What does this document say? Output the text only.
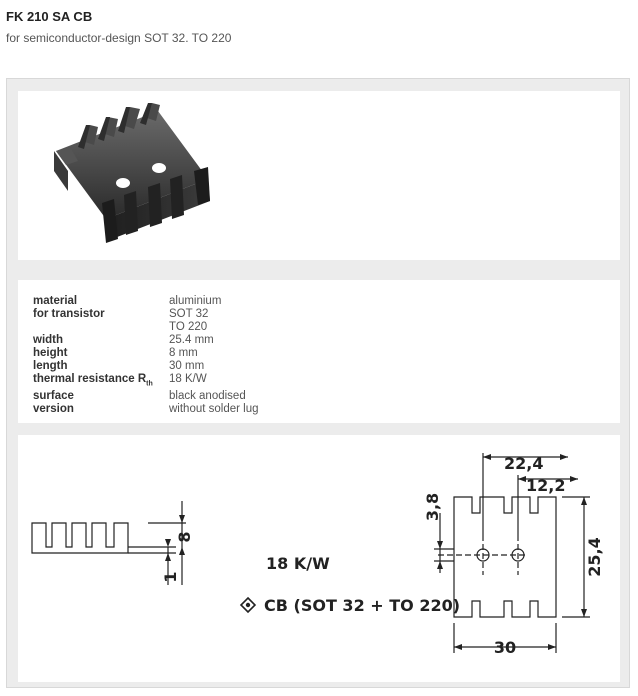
FK 210 SA CB
for semiconductor-design SOT 32. TO 220
material	aluminium
for transistor	SOT 32
TO 220

width	25.4 mm
height	8 mm
length	30 mm
thermal resistance $R_{th}$	18 K/W
surface	black anodised
version	without solder lug
8
1
18 K/W
CB (SOT 32 + TO 220)
22,4
12,2
3,8
25,4
30
